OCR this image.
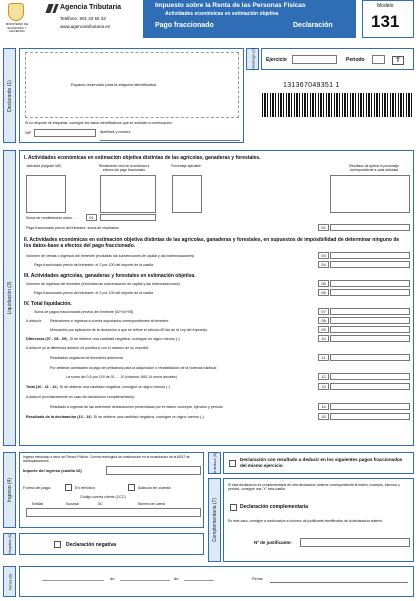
MINISTERIO DE ECONOMÍA Y HACIENDA
Agencia Tributaria
Teléfono: 901 33 55 33
www.agenciatributaria.es
Impuesto sobre la Renta de las Personas Físicas
Actividades económicas en estimación objetiva
Pago fraccionado	Declaración
Modelo
131
Declarante (1)	Espacio reservado para la etiqueta identificativa
Si no dispone de etiquetas, consigne los datos identificativos que se solicitan a continuación.
NIF	Apellidos y nombre
Devengo (2) Ejercicio	Periodo	T
131367049351 1
Liquidación (3)
I. Actividades económicas en estimación objetiva distintas de las agrícolas, ganaderas y forestales.
Actividad (epígrafe IAE)	Rendimiento neto de la actividad a efectos del pago fraccionado
Porcentaje aplicable	Resultado de aplicar el porcentaje correspondiente a cada actividad
Suma de rendimientos netos ...	01
Pago fraccionado previo del trimestre: suma de resultados	02
II. Actividades económicas en estimación objetiva distintas de las agrícolas, ganaderas y forestales, en supuestos de imposibilidad de determinar ninguno de los datos-base a efectos del pago fraccionado.
Volumen de ventas o ingresos del trimestre (excluidas las subvenciones de capital y las indemnizaciones)	03
Pago fraccionado previo del trimestre: el 2 por 100 del importe de la casilla	04
III. Actividades agrícolas, ganaderas y forestales en estimación objetiva.
Volumen de ingresos del trimestre (excluidas las subvenciones de capital y las indemnizaciones)	05
Pago fraccionado previo del trimestre: el 2 por 100 del importe de la casilla	06
IV. Total liquidación.
Suma de pagos fraccionados previos del trimestre [02+04+06]	07
A deducir: Retenciones e ingresos a cuenta soportados correspondientes al trimestre	08
Minoración por aplicación de la deducción a que se refiere el artículo 80 bis de la Ley del Impuesto	09
Diferencia (07 - 08 - 09). Si se obtiene una cantidad negativa, consigne un signo menos (-)	10
A deducir (si la diferencia anterior es positiva y con el máximo de su importe):
Resultados negativos de trimestres anteriores	11
Por destinar cantidades al pago de préstamos para la adquisición o rehabilitación de la vivienda habitual:
La suma del 0,5 por 100 de 01 … 10 (máximo: 660,14 euros anuales)	12
Total (10 - 11 - 12). Si se obtiene una cantidad negativa, consigne un signo menos (-)	13
A deducir (exclusivamente en caso de declaración complementaria):
Resultado a ingresar de las anteriores declaraciones presentadas por el mismo concepto, ejercicio y periodo	14
Resultado de la declaración (13 - 14). Si se obtiene una cantidad negativa, consigne un signo menos (-)	15
Ingreso (4)
Ingreso efectuado a favor del Tesoro Público. Cuenta restringida de colaboración en la recaudación de la AEAT de autoliquidaciones.
Importe del ingreso (casilla 16)
Forma de pago:	En efectivo	Adeudo en cuenta
Código cuenta cliente (CCC)
Entidad	Sucursal	DC	Número de cuenta
A deducir (5)	Declaración con resultado a deducir en los siguientes pagos fraccionados del mismo ejercicio
Complementaria (7)
Si esta declaración es complementaria de otra declaración anterior correspondiente al mismo concepto, ejercicio y periodo, consigne una "X" esta casilla.
Declaración complementaria
En este caso, consigne a continuación el número de justificante identificativo de la declaración anterior.
Nº de justificante:
Negativa (6)	Declaración negativa
Firma (8)	de	de	Firma:
